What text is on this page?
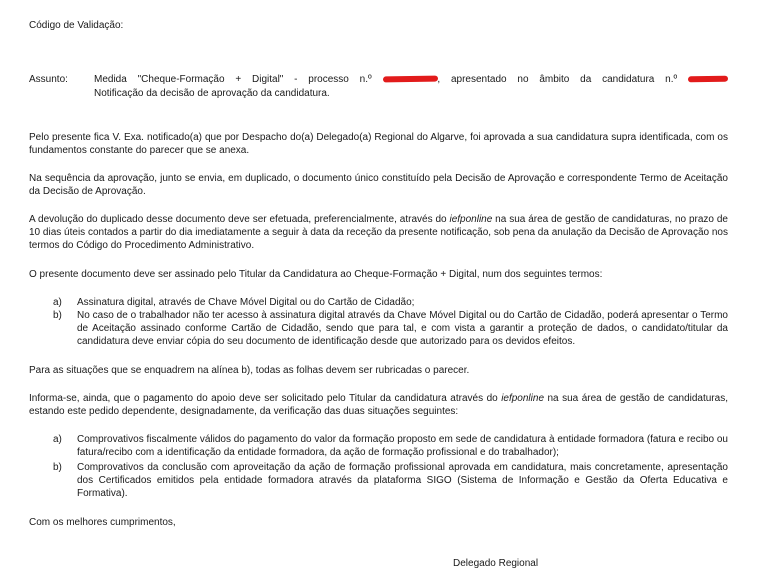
Código de Validação:
Assunto:	Medida "Cheque-Formação + Digital" - processo n.º	, apresentado no âmbito da candidatura n.º
Notificação da decisão de aprovação da candidatura.
Pelo presente fica V. Exa. notificado(a) que por Despacho do(a) Delegado(a) Regional do Algarve, foi aprovada a sua candidatura supra identificada, com os fundamentos constante do parecer que se anexa.
Na sequência da aprovação, junto se envia, em duplicado, o documento único constituído pela Decisão de Aprovação e correspondente Termo de Aceitação da Decisão de Aprovação.
A devolução do duplicado desse documento deve ser efetuada, preferencialmente, através do iefponline na sua área de gestão de candidaturas, no prazo de 10 dias úteis contados a partir do dia imediatamente a seguir à data da receção da presente notificação, sob pena da anulação da Decisão de Aprovação nos termos do Código do Procedimento Administrativo.
O presente documento deve ser assinado pelo Titular da Candidatura ao Cheque-Formação + Digital, num dos seguintes termos:
a)	Assinatura digital, através de Chave Móvel Digital ou do Cartão de Cidadão;
b)	No caso de o trabalhador não ter acesso à assinatura digital através da Chave Móvel Digital ou do Cartão de Cidadão, poderá apresentar o Termo de Aceitação assinado conforme Cartão de Cidadão, sendo que para tal, e com vista a garantir a proteção de dados, o candidato/titular da candidatura deve enviar cópia do seu documento de identificação desde que autorizado para os devidos efeitos.
Para as situações que se enquadrem na alínea b), todas as folhas devem ser rubricadas o parecer.
Informa-se, ainda, que o pagamento do apoio deve ser solicitado pelo Titular da candidatura através do iefponline na sua área de gestão de candidaturas, estando este pedido dependente, designadamente, da verificação das duas situações seguintes:
a)	Comprovativos fiscalmente válidos do pagamento do valor da formação proposto em sede de candidatura à entidade formadora (fatura e recibo ou fatura/recibo com a identificação da entidade formadora, da ação de formação profissional e do trabalhador);
b)	Comprovativos da conclusão com aproveitação da ação de formação profissional aprovada em candidatura, mais concretamente, apresentação dos Certificados emitidos pela entidade formadora através da plataforma SIGO (Sistema de Informação e Gestão da Oferta Educativa e Formativa).
Com os melhores cumprimentos,
Delegado Regional
